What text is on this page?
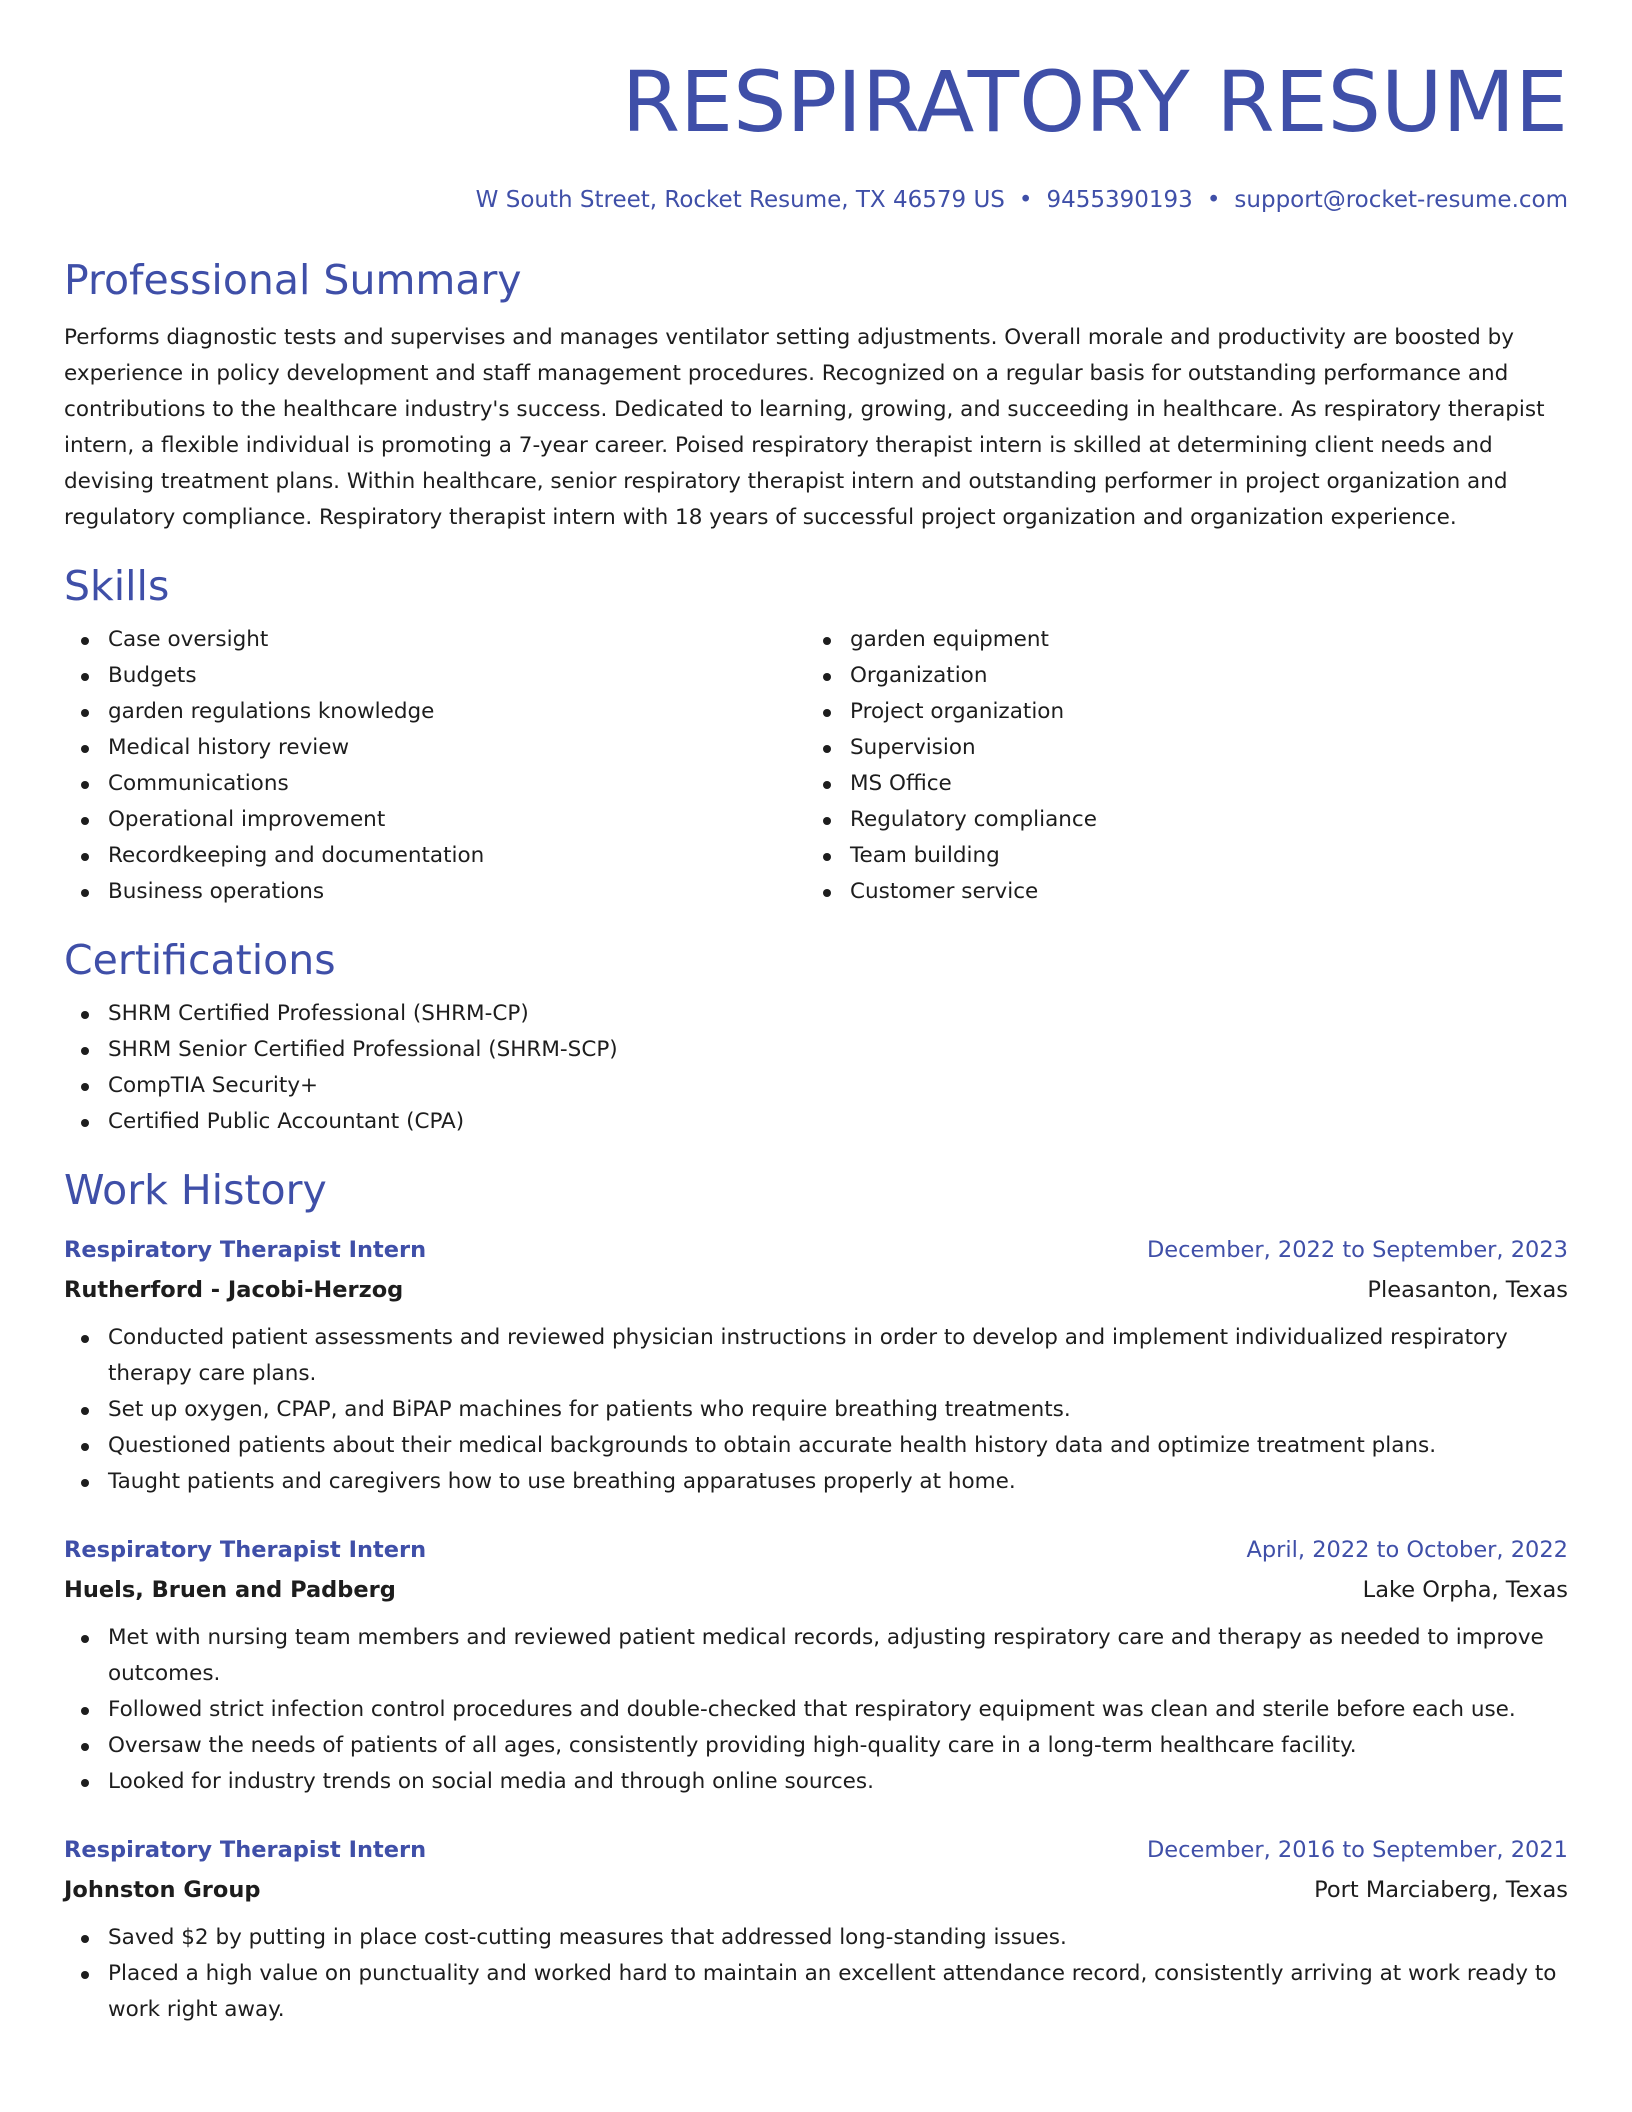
RESPIRATORY RESUME
W South Street, Rocket Resume, TX 46579 US • 9455390193 • support@rocket-resume.com
Professional Summary

Performs diagnostic tests and supervises and manages ventilator setting adjustments. Overall morale and productivity are boosted by experience in policy development and staff management procedures. Recognized on a regular basis for outstanding performance and contributions to the healthcare industry's success. Dedicated to learning, growing, and succeeding in healthcare. As respiratory therapist intern, a flexible individual is promoting a 7-year career. Poised respiratory therapist intern is skilled at determining client needs and devising treatment plans. Within healthcare, senior respiratory therapist intern and outstanding performer in project organization and regulatory compliance. Respiratory therapist intern with 18 years of successful project organization and organization experience.

Skills
Case oversight
Budgets
garden regulations knowledge
Medical history review
Communications
Operational improvement
Recordkeeping and documentation
Business operations
garden equipment
Organization
Project organization
Supervision
MS Office
Regulatory compliance
Team building
Customer service
Certifications
SHRM Certified Professional (SHRM-CP)
SHRM Senior Certified Professional (SHRM-SCP)
CompTIA Security+
Certified Public Accountant (CPA)
Work History
Respiratory Therapist Intern	December, 2022 to September, 2023
Rutherford - Jacobi-Herzog	Pleasanton, Texas
Conducted patient assessments and reviewed physician instructions in order to develop and implement individualized respiratory therapy care plans.
Set up oxygen, CPAP, and BiPAP machines for patients who require breathing treatments.
Questioned patients about their medical backgrounds to obtain accurate health history data and optimize treatment plans.
Taught patients and caregivers how to use breathing apparatuses properly at home.
Respiratory Therapist Intern	April, 2022 to October, 2022
Huels, Bruen and Padberg	Lake Orpha, Texas
Met with nursing team members and reviewed patient medical records, adjusting respiratory care and therapy as needed to improve outcomes.
Followed strict infection control procedures and double-checked that respiratory equipment was clean and sterile before each use.
Oversaw the needs of patients of all ages, consistently providing high-quality care in a long-term healthcare facility.
Looked for industry trends on social media and through online sources.
Respiratory Therapist Intern	December, 2016 to September, 2021
Johnston Group	Port Marciaberg, Texas
Saved $2 by putting in place cost-cutting measures that addressed long-standing issues.
Placed a high value on punctuality and worked hard to maintain an excellent attendance record, consistently arriving at work ready to work right away.
